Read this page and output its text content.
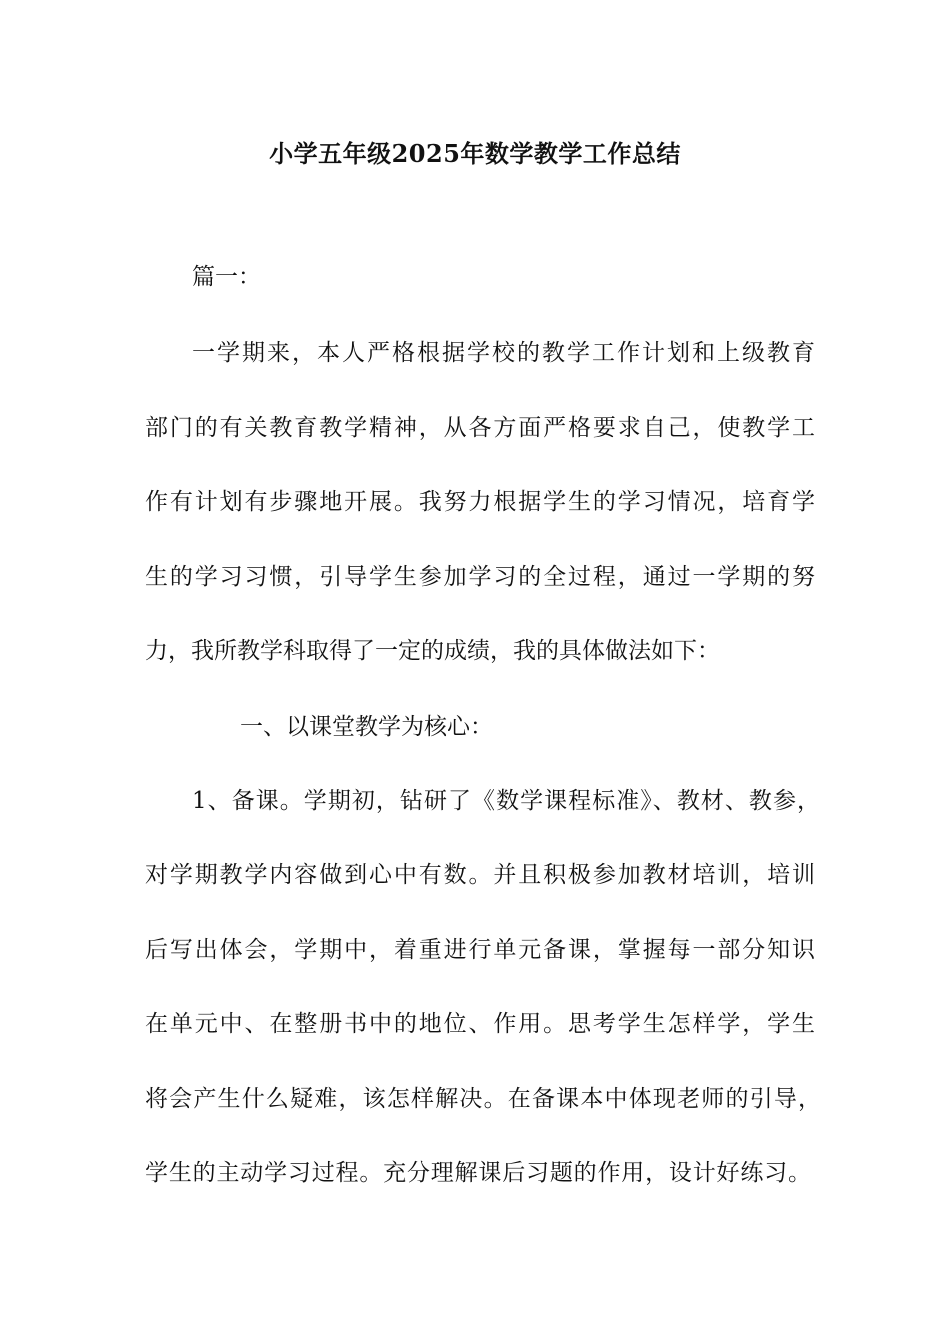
小学五年级2025年数学教学工作总结
篇一：
一学期来，本人严格根据学校的教学工作计划和上级教育
部门的有关教育教学精神，从各方面严格要求自己，使教学工
作有计划有步骤地开展。我努力根据学生的学习情况，培育学
生的学习习惯，引导学生参加学习的全过程，通过一学期的努
力，我所教学科取得了一定的成绩，我的具体做法如下：
一、以课堂教学为核心：
1、备课。学期初，钻研了《数学课程标准》、教材、教参，
对学期教学内容做到心中有数。并且积极参加教材培训，培训
后写出体会，学期中，着重进行单元备课，掌握每一部分知识
在单元中、在整册书中的地位、作用。思考学生怎样学，学生
将会产生什么疑难，该怎样解决。在备课本中体现老师的引导，
学生的主动学习过程。充分理解课后习题的作用，设计好练习。
